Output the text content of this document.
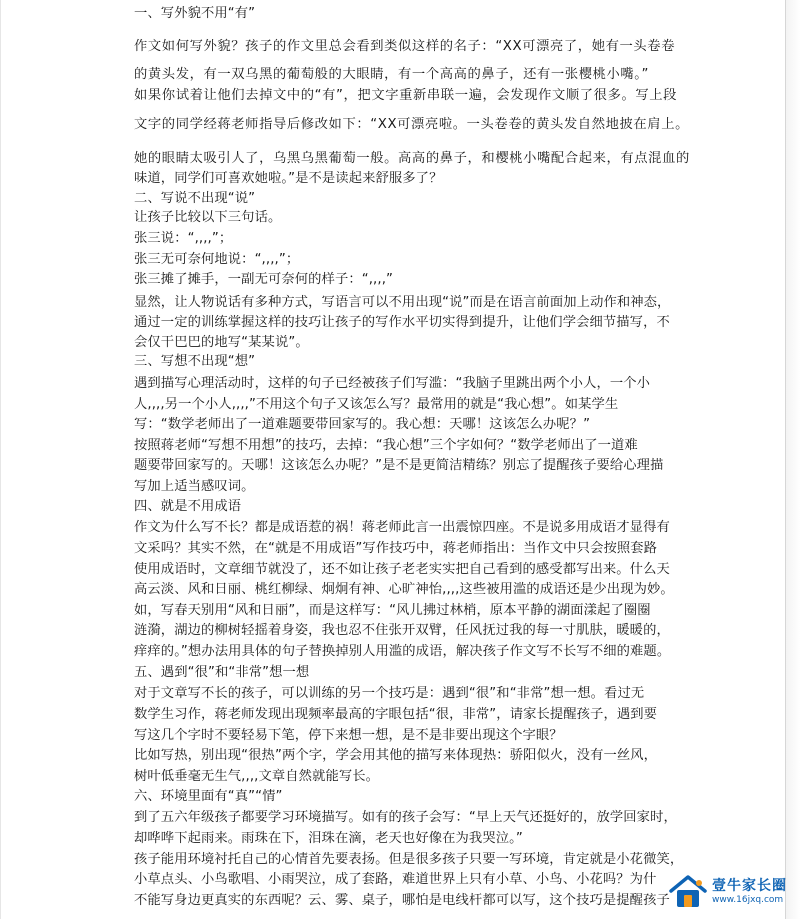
一、写外貌不用“有”
作文如何写外貌？孩子的作文里总会看到类似这样的名子：“XX可漂亮了，她有一头卷卷
的黄头发，有一双乌黑的葡萄般的大眼睛，有一个高高的鼻子，还有一张樱桃小嘴。”
如果你试着让他们去掉文中的“有”，把文字重新串联一遍，会发现作文顺了很多。写上段
文字的同学经蒋老师指导后修改如下：“XX可漂亮啦。一头卷卷的黄头发自然地披在肩上。
她的眼睛太吸引人了，乌黑乌黑葡萄一般。高高的鼻子，和樱桃小嘴配合起来，有点混血的
味道，同学们可喜欢她啦。”是不是读起来舒服多了？
二、写说不出现“说”
让孩子比较以下三句话。
张三说：“,,,,”；
张三无可奈何地说：“,,,,”；
张三摊了摊手，一副无可奈何的样子：“,,,,”
显然，让人物说话有多种方式，写语言可以不用出现“说”而是在语言前面加上动作和神态，
通过一定的训练掌握这样的技巧让孩子的写作水平切实得到提升，让他们学会细节描写，不
会仅干巴巴的地写“某某说”。
三、写想不出现“想”
遇到描写心理活动时，这样的句子已经被孩子们写滥：“我脑子里跳出两个小人，一个小
人,,,,另一个小人,,,,”不用这个句子又该怎么写？最常用的就是“我心想”。如某学生
写：“数学老师出了一道难题要带回家写的。我心想：天哪！这该怎么办呢？”
按照蒋老师“写想不用想”的技巧，去掉：“我心想”三个字如何？“数学老师出了一道难
题要带回家写的。天哪！这该怎么办呢？”是不是更简洁精练？别忘了提醒孩子要给心理描
写加上适当感叹词。
四、就是不用成语
作文为什么写不长？都是成语惹的祸！蒋老师此言一出震惊四座。不是说多用成语才显得有
文采吗？其实不然，在“就是不用成语”写作技巧中，蒋老师指出：当作文中只会按照套路
使用成语时，文章细节就没了，还不如让孩子老老实实把自己看到的感受都写出来。什么天
高云淡、风和日丽、桃红柳绿、炯炯有神、心旷神怡,,,,这些被用滥的成语还是少出现为妙。
如，写春天别用“风和日丽”，而是这样写：“风儿拂过林梢，原本平静的湖面漾起了圈圈
涟漪，湖边的柳树轻摇着身姿，我也忍不住张开双臂，任风抚过我的每一寸肌肤，暖暖的，
痒痒的。”想办法用具体的句子替换掉别人用滥的成语，解决孩子作文写不长写不细的难题。
五、遇到“很”和“非常”想一想
对于文章写不长的孩子，可以训练的另一个技巧是：遇到“很”和“非常”想一想。看过无
数学生习作，蒋老师发现出现频率最高的字眼包括“很，非常”，请家长提醒孩子，遇到要
写这几个字时不要轻易下笔，停下来想一想，是不是非要出现这个字眼？
比如写热，别出现“很热”两个字，学会用其他的描写来体现热：骄阳似火，没有一丝风，
树叶低垂毫无生气,,,,文章自然就能写长。
六、环境里面有“真”“情”
到了五六年级孩子都要学习环境描写。如有的孩子会写：“早上天气还挺好的，放学回家时，
却哗哗下起雨来。雨珠在下，泪珠在滴，老天也好像在为我哭泣。”
孩子能用环境衬托自己的心情首先要表扬。但是很多孩子只要一写环境，肯定就是小花微笑，
小草点头、小鸟歌唱、小雨哭泣，成了套路，难道世界上只有小草、小鸟、小花吗？为什
不能写身边更真实的东西呢？云、雾、桌子，哪怕是电线杆都可以写，这个技巧是提醒孩子
壹牛家长圈
www.16jxq.com
